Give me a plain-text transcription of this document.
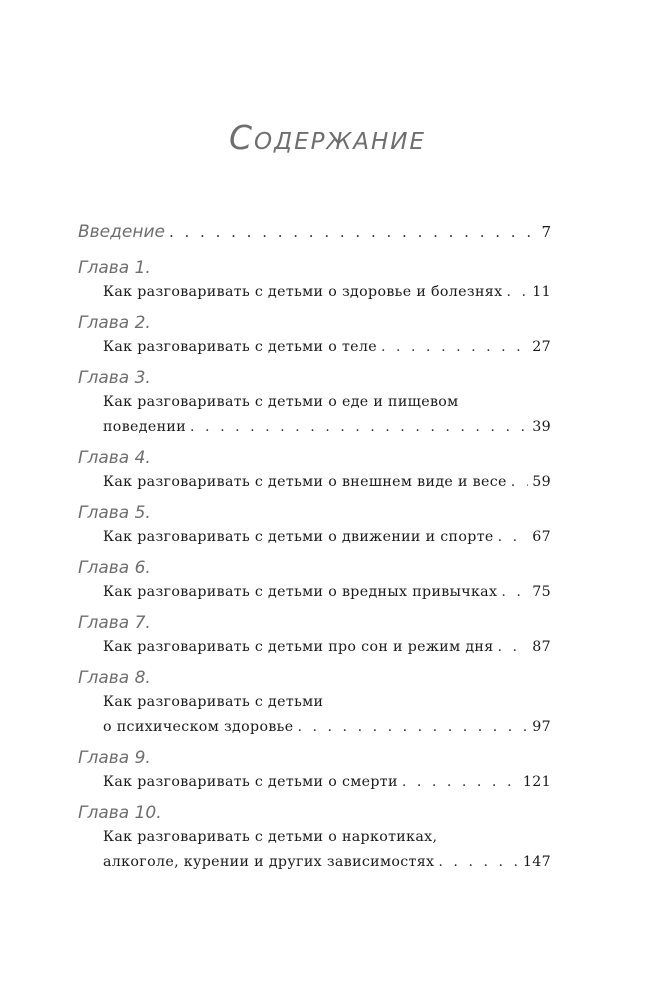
Содержание
Введение . . .	7
Глава 1.
Как разговаривать с детьми о здоровье и болезнях . . . 11
Глава 2.
Как разговаривать с детьми о теле . . .	27
Глава 3.
Как разговаривать с детьми о еде и пищевом
поведении . . .	39
Глава 4.
Как разговаривать с детьми о внешнем виде и весе . . . 59
Глава 5.
Как разговаривать с детьми о движении и спорте . . .	67
Глава 6.
Как разговаривать с детьми о вредных привычках . . . 75
Глава 7.
Как разговаривать с детьми про сон и режим дня . . .	87
Глава 8.
Как разговаривать с детьми
о психическом здоровье . . .	97
Глава 9.
Как разговаривать с детьми о смерти . . .	121
Глава 10.
Как разговаривать с детьми о наркотиках,
алкоголе, курении и других зависимостях . . .	147
